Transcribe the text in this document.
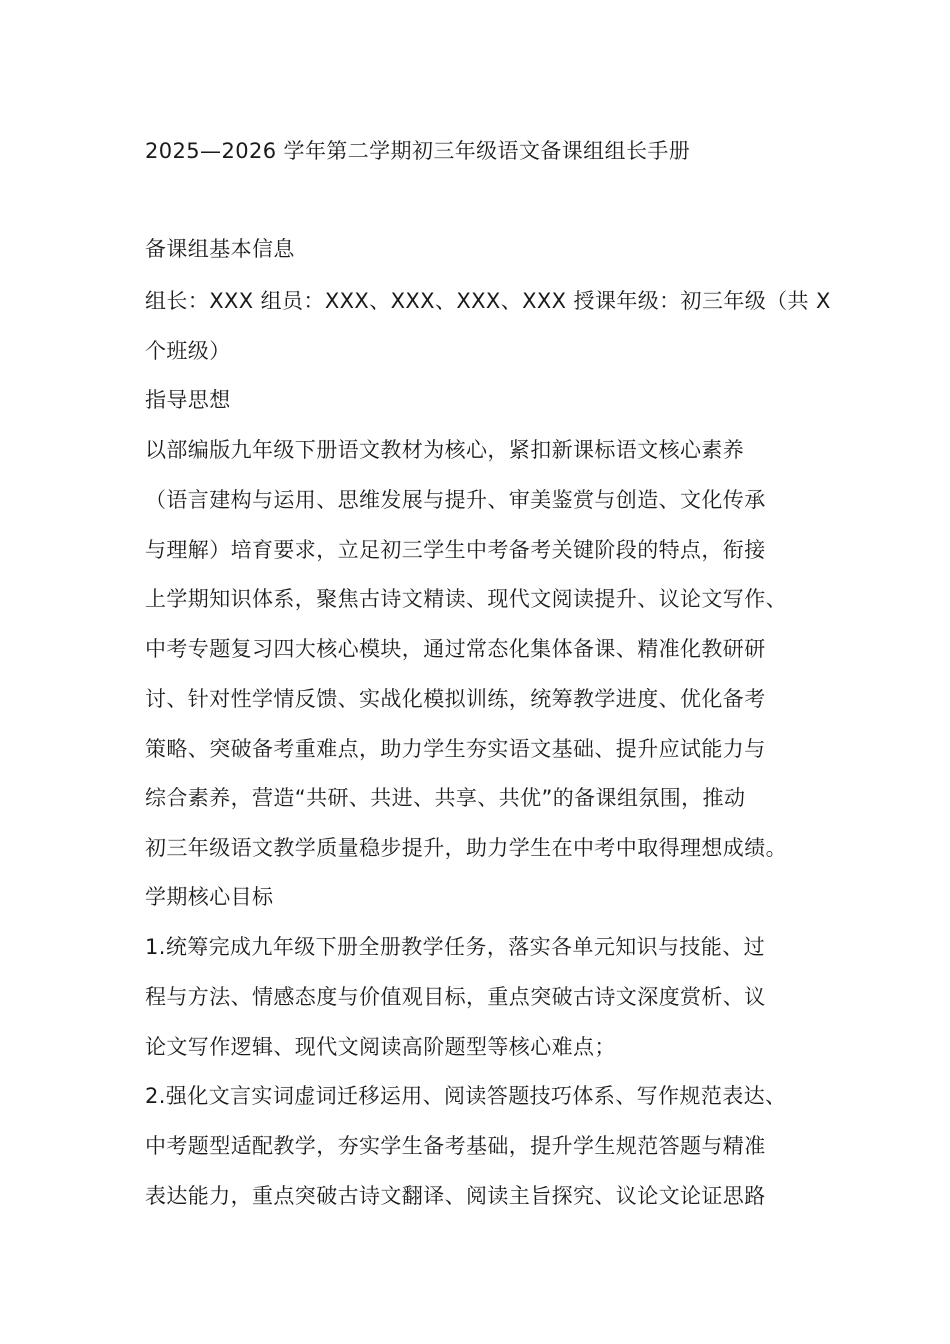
2025—2026 学年第二学期初三年级语文备课组组长手册
备课组基本信息
组长：XXX 组员：XXX、XXX、XXX、XXX 授课年级：初三年级（共 X
个班级）
指导思想
以部编版九年级下册语文教材为核心，紧扣新课标语文核心素养
（语言建构与运用、思维发展与提升、审美鉴赏与创造、文化传承
与理解）培育要求，立足初三学生中考备考关键阶段的特点，衔接
上学期知识体系，聚焦古诗文精读、现代文阅读提升、议论文写作、
中考专题复习四大核心模块，通过常态化集体备课、精准化教研研
讨、针对性学情反馈、实战化模拟训练，统筹教学进度、优化备考
策略、突破备考重难点，助力学生夯实语文基础、提升应试能力与
综合素养，营造“共研、共进、共享、共优”的备课组氛围，推动
初三年级语文教学质量稳步提升，助力学生在中考中取得理想成绩。
学期核心目标
1.统筹完成九年级下册全册教学任务，落实各单元知识与技能、过
程与方法、情感态度与价值观目标，重点突破古诗文深度赏析、议
论文写作逻辑、现代文阅读高阶题型等核心难点；
2.强化文言实词虚词迁移运用、阅读答题技巧体系、写作规范表达、
中考题型适配教学，夯实学生备考基础，提升学生规范答题与精准
表达能力，重点突破古诗文翻译、阅读主旨探究、议论文论证思路
